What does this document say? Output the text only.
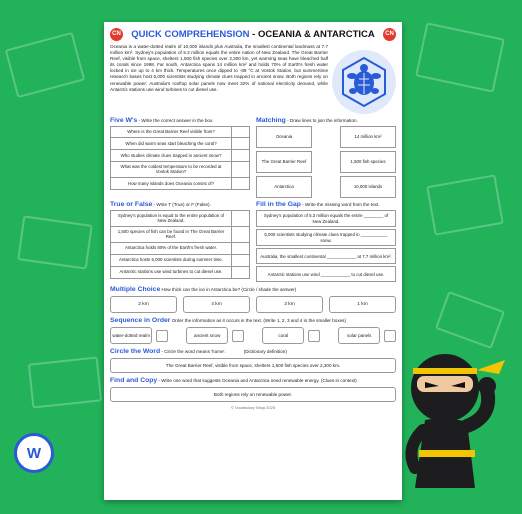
CN	QUICK COMPREHENSION - OCEANIA & ANTARCTICA	CN

Oceania is a water-dotted realm of 10,000 islands plus Australia, the smallest continental landmass at 7.7 million km². Sydney's population of 5.3 million equals the entire nation of New Zealand. The Great Barrier Reef, visible from space, shelters 1,500 fish species over 2,300 km, yet warming seas have bleached half its corals since 1998. Far south, Antarctica spans 14 million km² and holds 70% of Earth's fresh water locked in ice up to 4 km thick. Temperatures once dipped to -89 °C at Vostok Station, but summertime research bases host 5,000 scientists studying climate clues trapped in ancient snow. Both regions rely on renewable power: Australia's rooftop solar panels now meet 32% of national electricity demand, while Antarctic stations use wind turbines to cut diesel use.

Five W's - Write the correct answer in the box.
Where is the Great Barrier Reef visible from?
When did warm seas start bleaching the coral?
Who studies climate clues trapped in ancient snow?
What was the coldest temperature to be recorded at Vostok Station?
How many islands does Oceania consist of?
Matching - Draw lines to join the information.
Oceania
The Great Barrier Reef
Antarctica
14 million km²
1,500 fish species
10,000 islands
True or False - Write T (True) or F (False).
Sydney's population is equal to the entire population of New Zealand.
1,500 species of fish can be found in The Great Barrier Reef.
Antarctica holds 80% of the Earth's fresh water.
Antarctica hosts 5,000 scientists during summer time.
Antarctic stations use wind turbines to cut diesel use.
Fill in the Gap - Write the missing word from the text.
Sydney's population of 5.3 million equals the entire ________ of New Zealand.
5,000 scientists studying climate clues trapped in ___________ snow.
Australia, the smallest continental ____________ at 7.7 million km².
Antarctic stations use wind ____________ to cut diesel use.
Multiple Choice How thick can the ice in Antarctica be? (Circle / shade the answer)
2 km	4 km	3 km	1 km
Sequence in Order Order the information as it occurs in the text. (Write 1, 2, 3 and 4 in the smaller boxes)
water-dotted realm	ancient snow	coral	solar panels
Circle the Word - Circle the word means 'home'.	(Dictionary definition)
The Great Barrier Reef, visible from space, shelters 1,500 fish species over 2,300 km.
Find and Copy - Write one word that suggests Oceania and Antarctica need renewable energy. (Clues in context)
Both regions rely on renewable power.
© Vocabulary Ninja 2025
W
